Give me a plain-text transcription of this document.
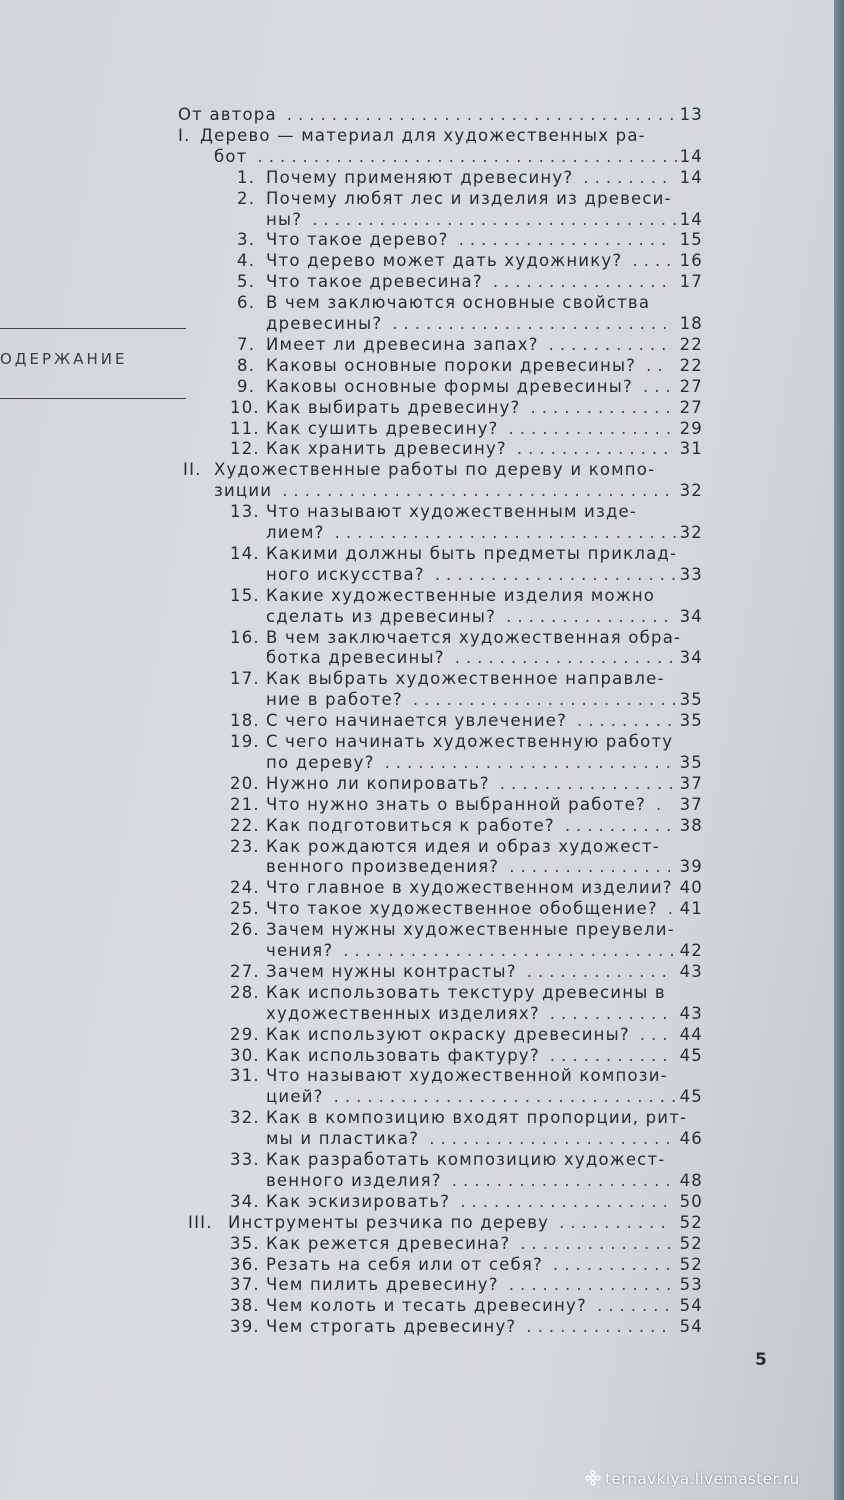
ОДЕРЖАНИЕ
От автора	13
...................................
I. Дерево — материал для художественных ра-
бот	14
......................................
1. Почему применяют древесину?	14
........
2. Почему любят лес и изделия из древеси-
ны?	14
.................................
3. Что такое дерево?	15
...................
4. Что дерево может дать художнику?	16
....
5. Что такое древесина?	17
................
6. В чем заключаются основные свойства
древесины?	18
.........................
7. Имеет ли древесина запах?	22
...........
8. Каковы основные пороки древесины?	22
..
9. Каковы основные формы древесины?	27
...
10. Как выбирать древесину?	27
.............
11. Как сушить древесину?	29
...............
12. Как хранить древесину?	31
..............
II. Художественные работы по дереву и компо-
зиции	32
...................................
13. Что называют художественным изде-
лием?	32
...............................
14. Какими должны быть предметы приклад-
ного искусства?	33
......................
15. Какие художественные изделия можно
сделать из древесины?	34
...............
16. В чем заключается художественная обра-
ботка древесины?	34
....................
17. Как выбрать художественное направле-
ние в работе?	35
........................
18. С чего начинается увлечение?	35
.........
19. С чего начинать художественную работу
по дереву?	35
..........................
20. Нужно ли копировать?	37
................
21. Что нужно знать о выбранной работе? 37
.
22. Как подготовиться к работе?	38
..........
23. Как рождаются идея и образ художест-
венного произведения?	39
...............
24. Что главное в художественном изделии? 40
25. Что такое художественное обобщение? 41
.
26. Зачем нужны художественные преувели-
чения?	42
..............................
27. Зачем нужны контрасты?	43
.............
28. Как использовать текстуру древесины в
художественных изделиях?	43
...........
29. Как используют окраску древесины?	44
...
30. Как использовать фактуру?	45
...........
31. Что называют художественной компози-
цией?	45
...............................
32. Как в композицию входят пропорции, рит-
мы и пластика?	46
......................
33. Как разработать композицию художест-
венного изделия?	48
....................
34. Как эскизировать?	50
...................
III. Инструменты резчика по дереву	52
..........
35. Как режется древесина?	52
..............
36. Резать на себя или от себя?	52
...........
37. Чем пилить древесину?	53
...............
38. Чем колоть и тесать древесину?	54
.......
39. Чем строгать древесину?	54
.............
5
ternavkiya.livemaster.ru
